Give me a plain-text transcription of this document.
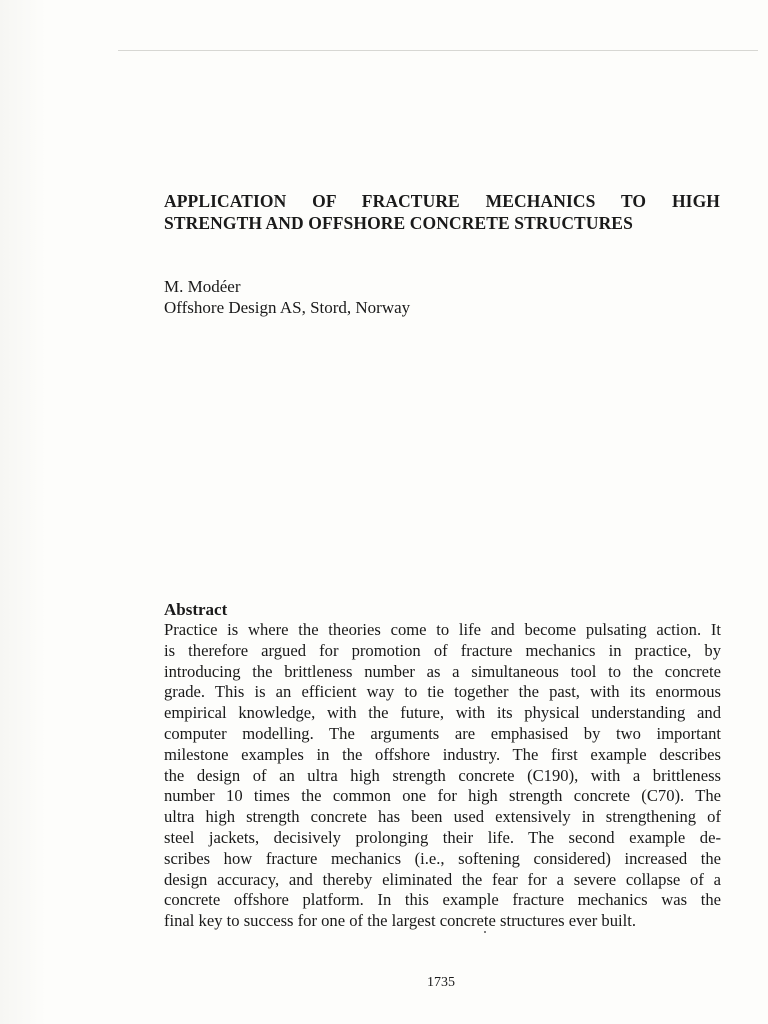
APPLICATION OF FRACTURE MECHANICS TO HIGH
STRENGTH AND OFFSHORE CONCRETE STRUCTURES
M. Modéer
Offshore Design AS, Stord, Norway
Abstract

Practice is where the theories come to life and become pulsating action. It
is therefore argued for promotion of fracture mechanics in practice, by
introducing the brittleness number as a simultaneous tool to the concrete
grade. This is an efficient way to tie together the past, with its enormous
empirical knowledge, with the future, with its physical understanding and
computer modelling. The arguments are emphasised by two important
milestone examples in the offshore industry. The first example describes
the design of an ultra high strength concrete (C190), with a brittleness
number 10 times the common one for high strength concrete (C70). The
ultra high strength concrete has been used extensively in strengthening of
steel jackets, decisively prolonging their life. The second example de-
scribes how fracture mechanics (i.e., softening considered) increased the
design accuracy, and thereby eliminated the fear for a severe collapse of a
concrete offshore platform. In this example fracture mechanics was the
final key to success for one of the largest concrete structures ever built.

1735
